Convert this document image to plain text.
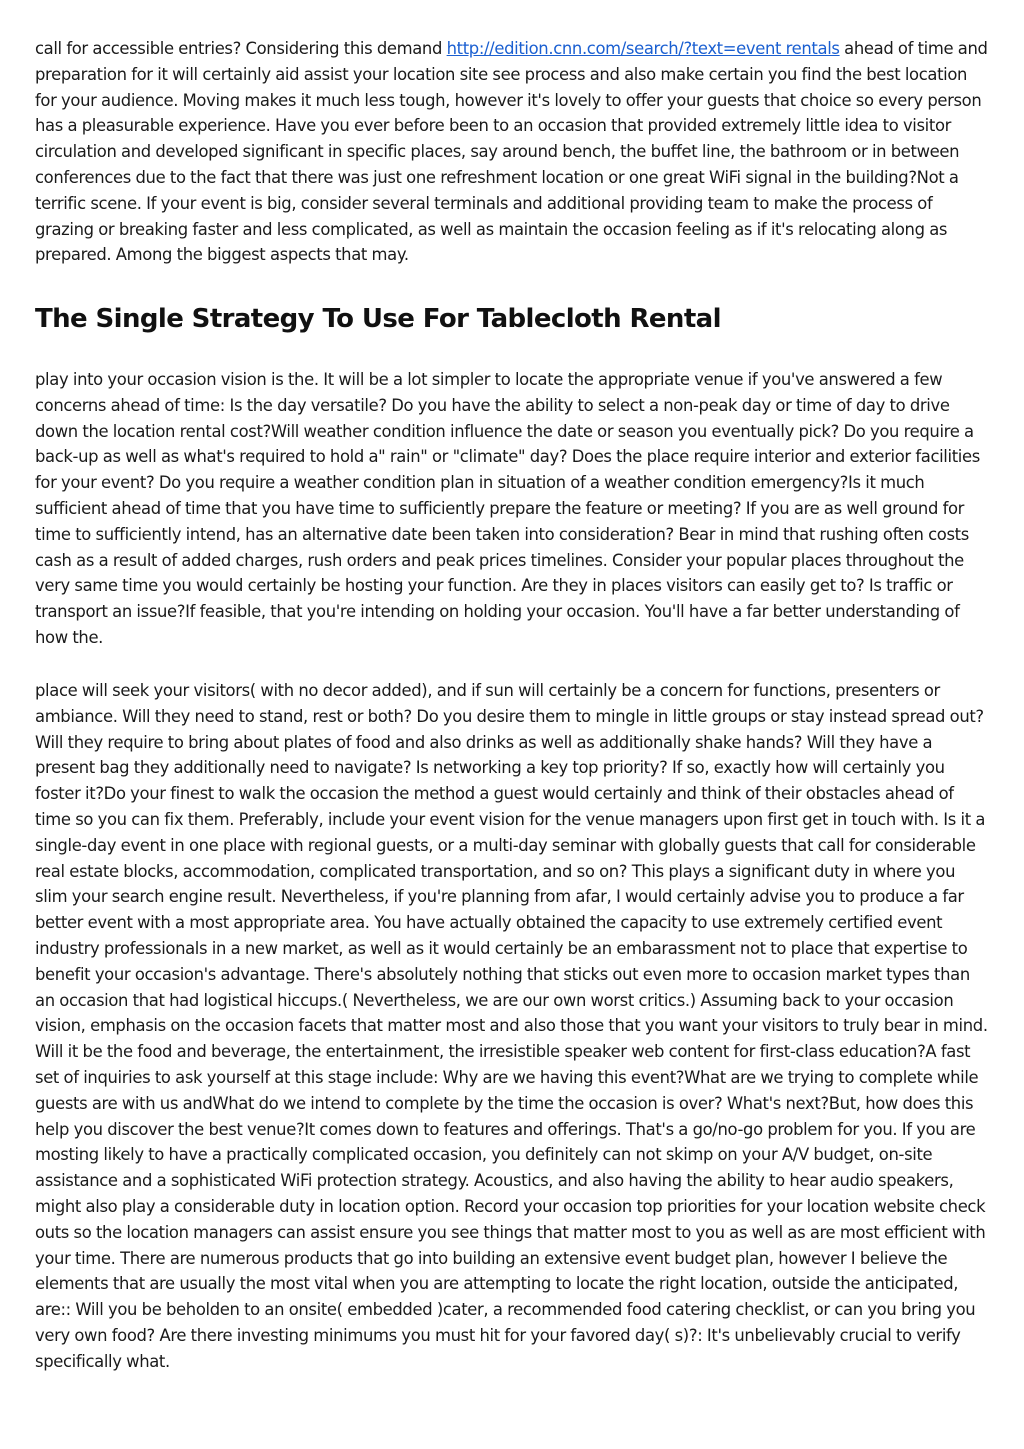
call for accessible entries? Considering this demand http://edition.cnn.com/search/?text=event rentals ahead of time and preparation for it will certainly aid assist your location site see process and also make certain you find the best location for your audience. Moving makes it much less tough, however it's lovely to offer your guests that choice so every person has a pleasurable experience. Have you ever before been to an occasion that provided extremely little idea to visitor circulation and developed significant in specific places, say around bench, the buffet line, the bathroom or in between conferences due to the fact that there was just one refreshment location or one great WiFi signal in the building?Not a terrific scene. If your event is big, consider several terminals and additional providing team to make the process of grazing or breaking faster and less complicated, as well as maintain the occasion feeling as if it's relocating along as prepared. Among the biggest aspects that may.

The Single Strategy To Use For Tablecloth Rental

play into your occasion vision is the. It will be a lot simpler to locate the appropriate venue if you've answered a few concerns ahead of time: Is the day versatile? Do you have the ability to select a non-peak day or time of day to drive down the location rental cost?Will weather condition influence the date or season you eventually pick? Do you require a back-up as well as what's required to hold a" rain" or "climate" day? Does the place require interior and exterior facilities for your event? Do you require a weather condition plan in situation of a weather condition emergency?Is it much sufficient ahead of time that you have time to sufficiently prepare the feature or meeting? If you are as well ground for time to sufficiently intend, has an alternative date been taken into consideration? Bear in mind that rushing often costs cash as a result of added charges, rush orders and peak prices timelines. Consider your popular places throughout the very same time you would certainly be hosting your function. Are they in places visitors can easily get to? Is traffic or transport an issue?If feasible, that you're intending on holding your occasion. You'll have a far better understanding of how the.

place will seek your visitors( with no decor added), and if sun will certainly be a concern for functions, presenters or ambiance. Will they need to stand, rest or both? Do you desire them to mingle in little groups or stay instead spread out? Will they require to bring about plates of food and also drinks as well as additionally shake hands? Will they have a present bag they additionally need to navigate? Is networking a key top priority? If so, exactly how will certainly you foster it?Do your finest to walk the occasion the method a guest would certainly and think of their obstacles ahead of time so you can fix them. Preferably, include your event vision for the venue managers upon first get in touch with. Is it a single-day event in one place with regional guests, or a multi-day seminar with globally guests that call for considerable real estate blocks, accommodation, complicated transportation, and so on? This plays a significant duty in where you slim your search engine result. Nevertheless, if you're planning from afar, I would certainly advise you to produce a far better event with a most appropriate area. You have actually obtained the capacity to use extremely certified event industry professionals in a new market, as well as it would certainly be an embarassment not to place that expertise to benefit your occasion's advantage. There's absolutely nothing that sticks out even more to occasion market types than an occasion that had logistical hiccups.( Nevertheless, we are our own worst critics.) Assuming back to your occasion vision, emphasis on the occasion facets that matter most and also those that you want your visitors to truly bear in mind. Will it be the food and beverage, the entertainment, the irresistible speaker web content for first-class education?A fast set of inquiries to ask yourself at this stage include: Why are we having this event?What are we trying to complete while guests are with us andWhat do we intend to complete by the time the occasion is over? What's next?But, how does this help you discover the best venue?It comes down to features and offerings. That's a go/no-go problem for you. If you are mosting likely to have a practically complicated occasion, you definitely can not skimp on your A/V budget, on-site assistance and a sophisticated WiFi protection strategy. Acoustics, and also having the ability to hear audio speakers, might also play a considerable duty in location option. Record your occasion top priorities for your location website check outs so the location managers can assist ensure you see things that matter most to you as well as are most efficient with your time. There are numerous products that go into building an extensive event budget plan, however I believe the elements that are usually the most vital when you are attempting to locate the right location, outside the anticipated, are:: Will you be beholden to an onsite( embedded )cater, a recommended food catering checklist, or can you bring you very own food? Are there investing minimums you must hit for your favored day( s)?: It's unbelievably crucial to verify specifically what.
